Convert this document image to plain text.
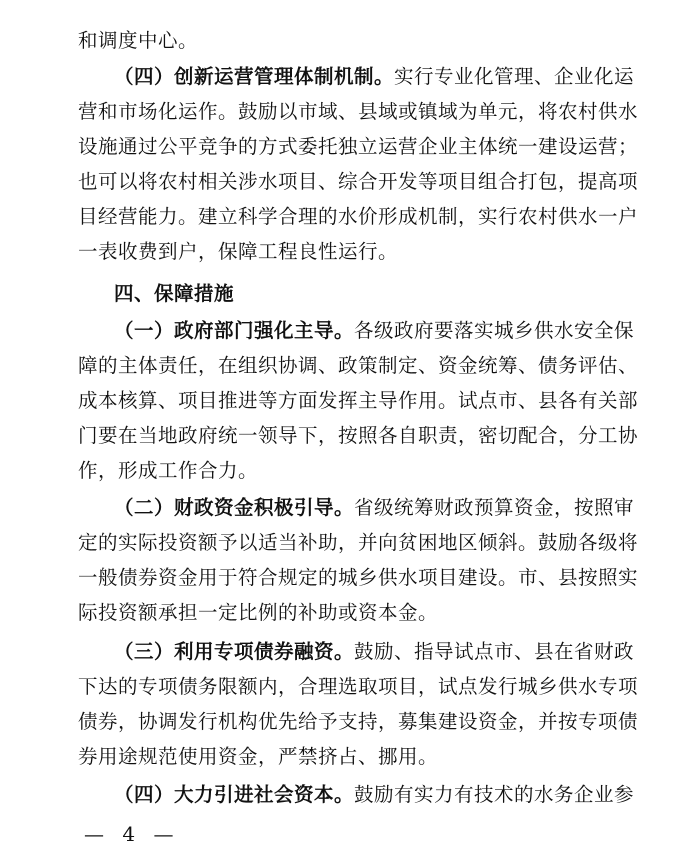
和调度中心。
（四）创新运营管理体制机制。实行专业化管理、企业化运
营和市场化运作。鼓励以市域、县域或镇域为单元，将农村供水
设施通过公平竞争的方式委托独立运营企业主体统一建设运营；
也可以将农村相关涉水项目、综合开发等项目组合打包，提高项
目经营能力。建立科学合理的水价形成机制，实行农村供水一户
一表收费到户，保障工程良性运行。
四、保障措施
（一）政府部门强化主导。各级政府要落实城乡供水安全保
障的主体责任，在组织协调、政策制定、资金统筹、债务评估、
成本核算、项目推进等方面发挥主导作用。试点市、县各有关部
门要在当地政府统一领导下，按照各自职责，密切配合，分工协
作，形成工作合力。
（二）财政资金积极引导。省级统筹财政预算资金，按照审
定的实际投资额予以适当补助，并向贫困地区倾斜。鼓励各级将
一般债券资金用于符合规定的城乡供水项目建设。市、县按照实
际投资额承担一定比例的补助或资本金。
（三）利用专项债券融资。鼓励、指导试点市、县在省财政
下达的专项债务限额内，合理选取项目，试点发行城乡供水专项
债券，协调发行机构优先给予支持，募集建设资金，并按专项债
券用途规范使用资金，严禁挤占、挪用。
（四）大力引进社会资本。鼓励有实力有技术的水务企业参
— 4 —
